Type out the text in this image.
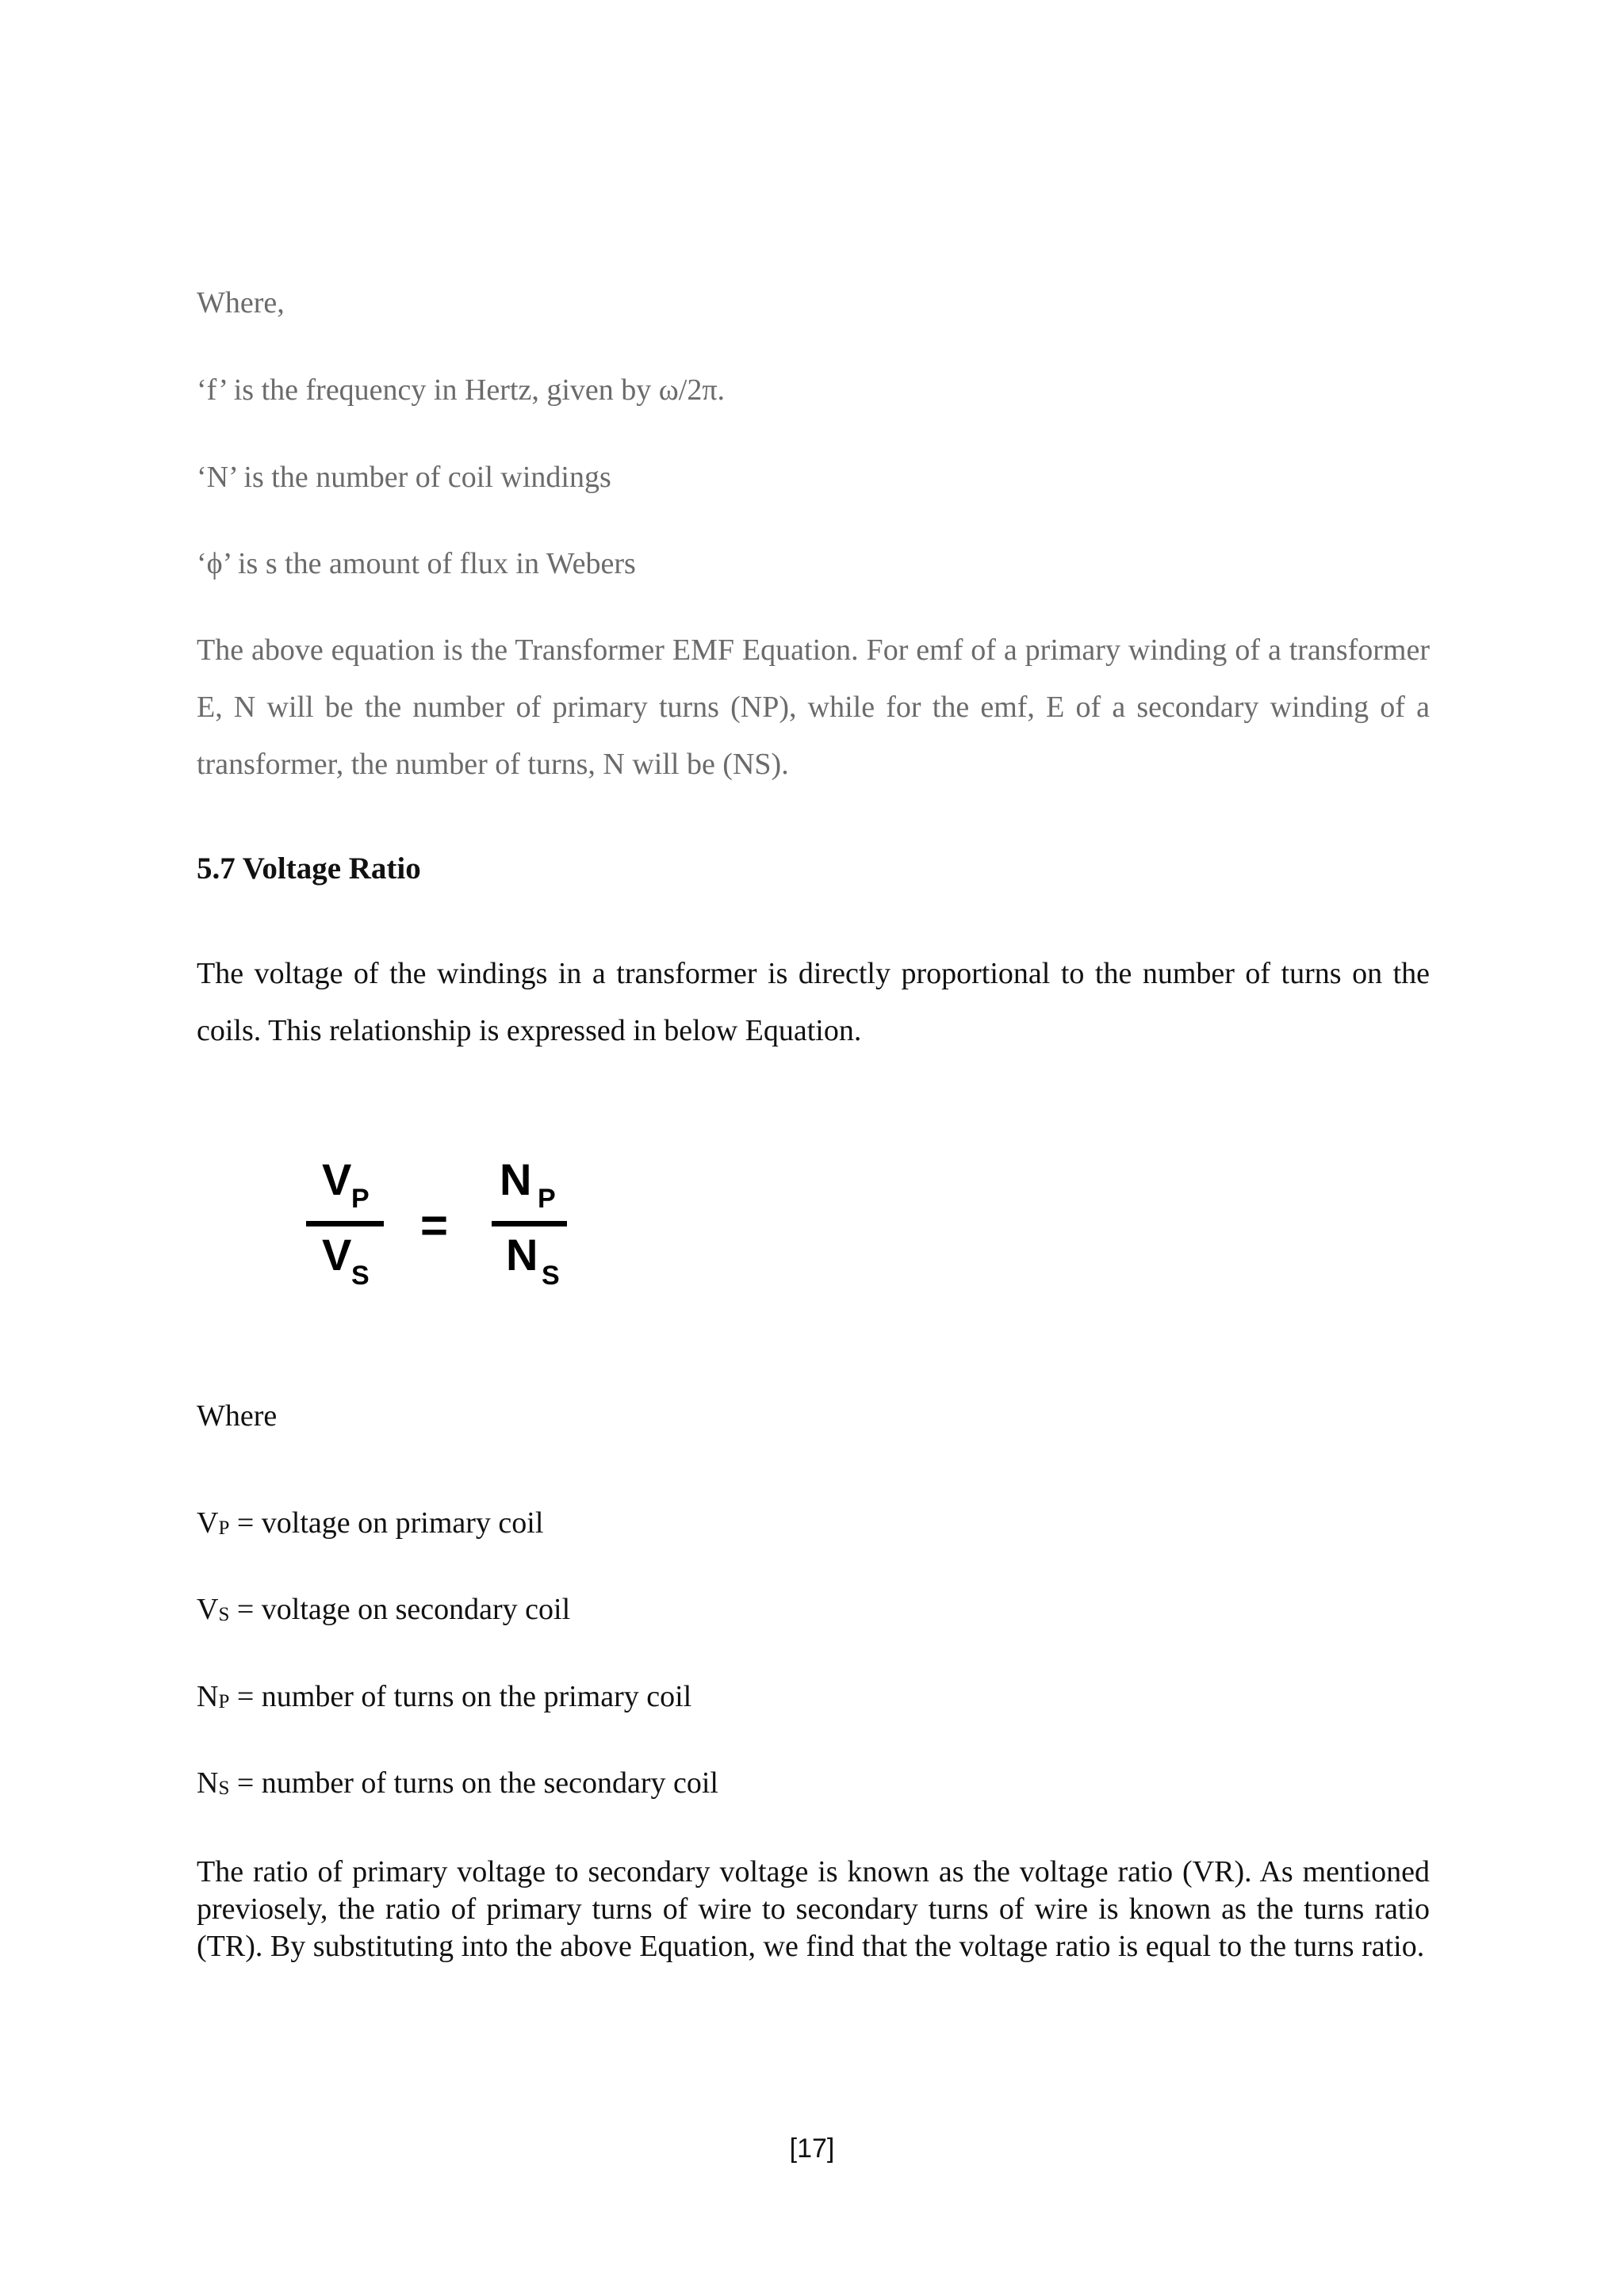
Where,

‘f’ is the frequency in Hertz, given by ω/2π.

‘N’ is the number of coil windings

‘ϕ’ is s the amount of flux in Webers

The above equation is the Transformer EMF Equation. For emf of a primary winding of a transformer E, N will be the number of primary turns (NP), while for the emf, E of a secondary winding of a transformer, the number of turns, N will be (NS).

5.7 Voltage Ratio

The voltage of the windings in a transformer is directly proportional to the number of turns on the coils. This relationship is expressed in below Equation.

V P
V S
=
N P
N S

Where

VP = voltage on primary coil

VS = voltage on secondary coil

NP = number of turns on the primary coil

NS = number of turns on the secondary coil

The ratio of primary voltage to secondary voltage is known as the voltage ratio (VR). As mentioned previosely, the ratio of primary turns of wire to secondary turns of wire is known as the turns ratio (TR). By substituting into the above Equation, we find that the voltage ratio is equal to the turns ratio.

[17]
